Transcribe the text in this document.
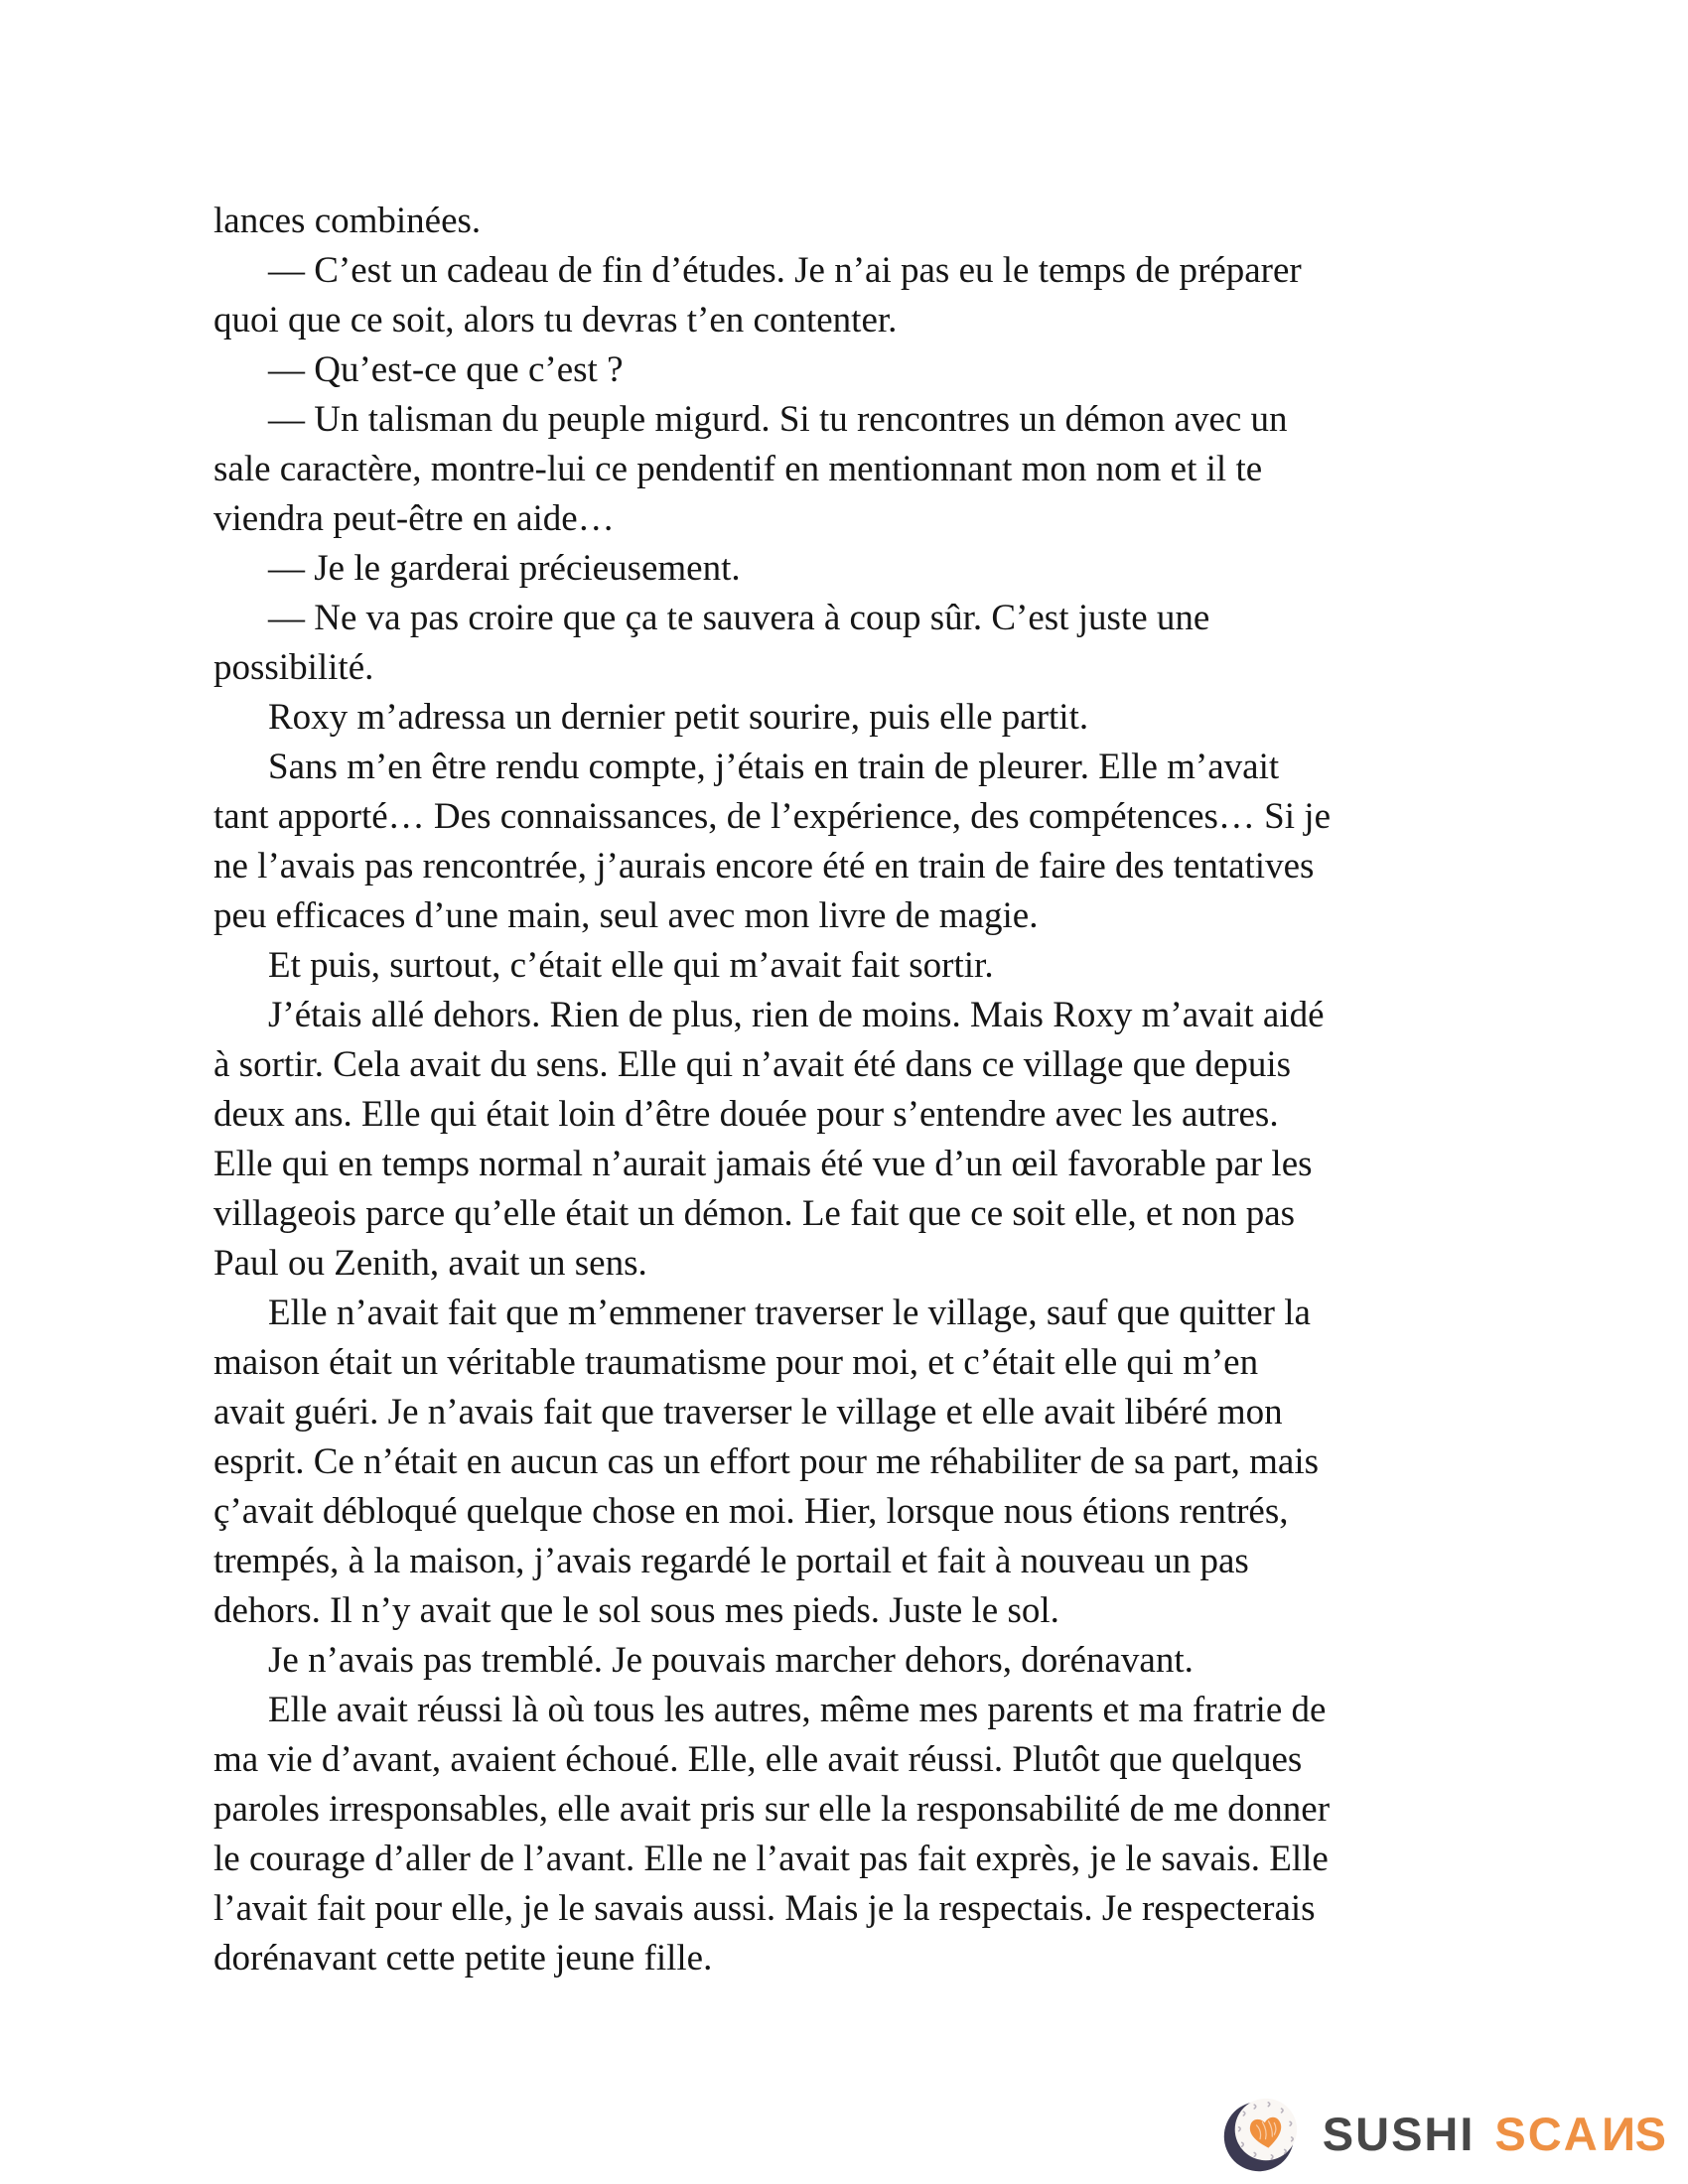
lances combinées.
— C’est un cadeau de fin d’études. Je n’ai pas eu le temps de préparer
quoi que ce soit, alors tu devras t’en contenter.
— Qu’est-ce que c’est ?
— Un talisman du peuple migurd. Si tu rencontres un démon avec un
sale caractère, montre-lui ce pendentif en mentionnant mon nom et il te
viendra peut-être en aide…
— Je le garderai précieusement.
— Ne va pas croire que ça te sauvera à coup sûr. C’est juste une
possibilité.
Roxy m’adressa un dernier petit sourire, puis elle partit.
Sans m’en être rendu compte, j’étais en train de pleurer. Elle m’avait
tant apporté… Des connaissances, de l’expérience, des compétences… Si je
ne l’avais pas rencontrée, j’aurais encore été en train de faire des tentatives
peu efficaces d’une main, seul avec mon livre de magie.
Et puis, surtout, c’était elle qui m’avait fait sortir.
J’étais allé dehors. Rien de plus, rien de moins. Mais Roxy m’avait aidé
à sortir. Cela avait du sens. Elle qui n’avait été dans ce village que depuis
deux ans. Elle qui était loin d’être douée pour s’entendre avec les autres.
Elle qui en temps normal n’aurait jamais été vue d’un œil favorable par les
villageois parce qu’elle était un démon. Le fait que ce soit elle, et non pas
Paul ou Zenith, avait un sens.
Elle n’avait fait que m’emmener traverser le village, sauf que quitter la
maison était un véritable traumatisme pour moi, et c’était elle qui m’en
avait guéri. Je n’avais fait que traverser le village et elle avait libéré mon
esprit. Ce n’était en aucun cas un effort pour me réhabiliter de sa part, mais
ç’avait débloqué quelque chose en moi. Hier, lorsque nous étions rentrés,
trempés, à la maison, j’avais regardé le portail et fait à nouveau un pas
dehors. Il n’y avait que le sol sous mes pieds. Juste le sol.
Je n’avais pas tremblé. Je pouvais marcher dehors, dorénavant.
Elle avait réussi là où tous les autres, même mes parents et ma fratrie de
ma vie d’avant, avaient échoué. Elle, elle avait réussi. Plutôt que quelques
paroles irresponsables, elle avait pris sur elle la responsabilité de me donner
le courage d’aller de l’avant. Elle ne l’avait pas fait exprès, je le savais. Elle
l’avait fait pour elle, je le savais aussi. Mais je la respectais. Je respecterais
dorénavant cette petite jeune fille.
SUSHI SCANS
